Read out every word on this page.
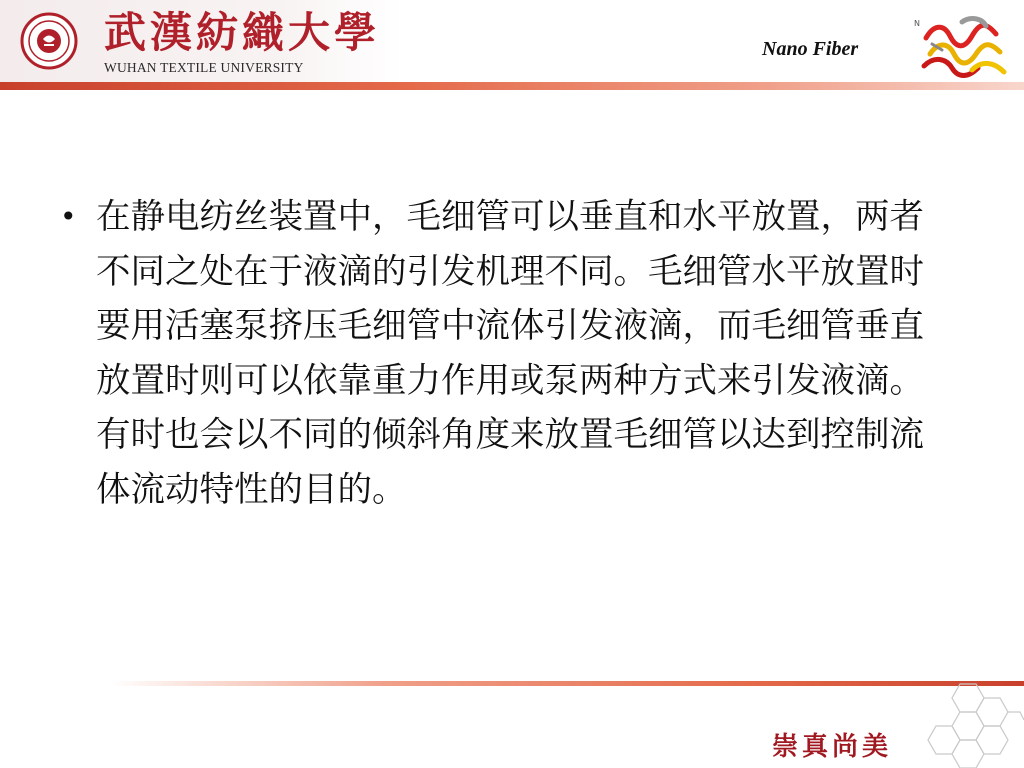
武漢紡織大學
WUHAN TEXTILE UNIVERSITY
Nano Fiber
N
• 在静电纺丝装置中，毛细管可以垂直和水平放置，两者不同之处在于液滴的引发机理不同。毛细管水平放置时要用活塞泵挤压毛细管中流体引发液滴，而毛细管垂直放置时则可以依靠重力作用或泵两种方式来引发液滴。有时也会以不同的倾斜角度来放置毛细管以达到控制流体流动特性的目的。
崇真尚美
